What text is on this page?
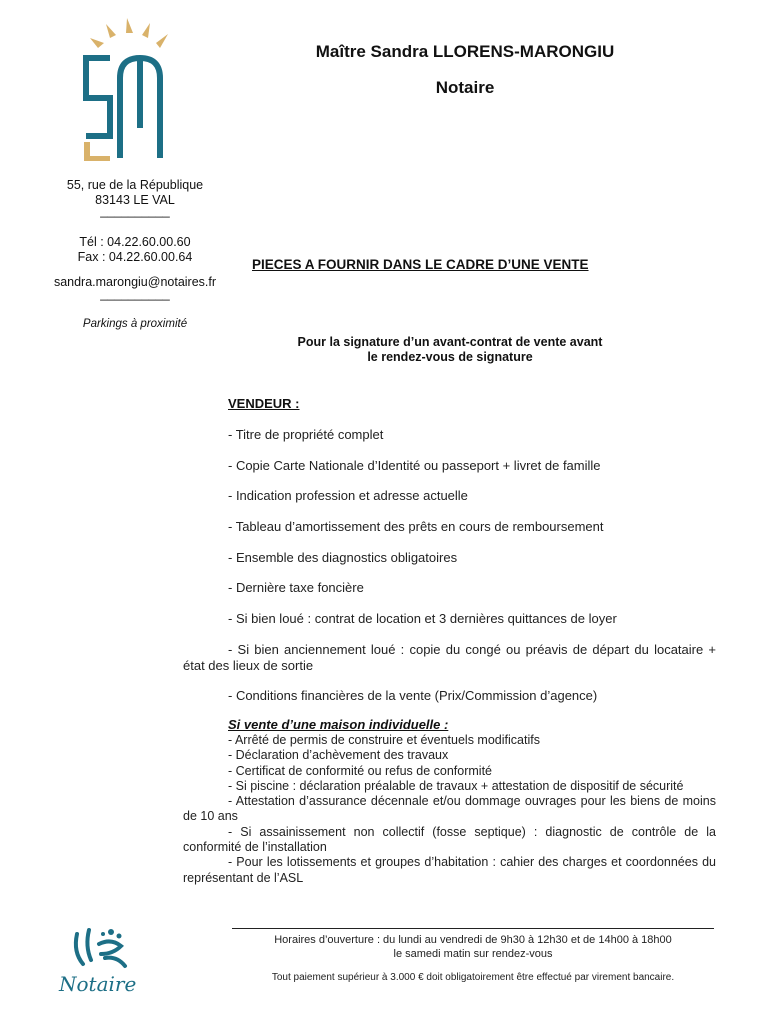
Maître Sandra LLORENS-MARONGIU
Notaire
55, rue de la République
83143 LE VAL
__________
Tél : 04.22.60.00.60
Fax : 04.22.60.00.64
sandra.marongiu@notaires.fr
__________
Parkings à proximité
PIECES A FOURNIR DANS LE CADRE D’UNE VENTE
Pour la signature d’un avant-contrat de vente avant
le rendez-vous de signature
VENDEUR :
- Titre de propriété complet
- Copie Carte Nationale d’Identité ou passeport + livret de famille
- Indication profession et adresse actuelle
- Tableau d’amortissement des prêts en cours de remboursement
- Ensemble des diagnostics obligatoires
- Dernière taxe foncière
- Si bien loué : contrat de location et 3 dernières quittances de loyer
- Si bien anciennement loué : copie du congé ou préavis de départ du locataire + état des lieux de sortie
- Conditions financières de la vente (Prix/Commission d’agence)
Si vente d’une maison individuelle :
- Arrêté de permis de construire et éventuels modificatifs
- Déclaration d’achèvement des travaux
- Certificat de conformité ou refus de conformité
- Si piscine : déclaration préalable de travaux + attestation de dispositif de sécurité
- Attestation d’assurance décennale et/ou dommage ouvrages pour les biens de moins de 10 ans
- Si assainissement non collectif (fosse septique) : diagnostic de contrôle de la conformité de l’installation
- Pour les lotissements et groupes d’habitation : cahier des charges et coordonnées du représentant de l’ASL
Notaire
Horaires d’ouverture : du lundi au vendredi de 9h30 à 12h30 et de 14h00 à 18h00
le samedi matin sur rendez-vous
Tout paiement supérieur à 3.000 € doit obligatoirement être effectué par virement bancaire.
